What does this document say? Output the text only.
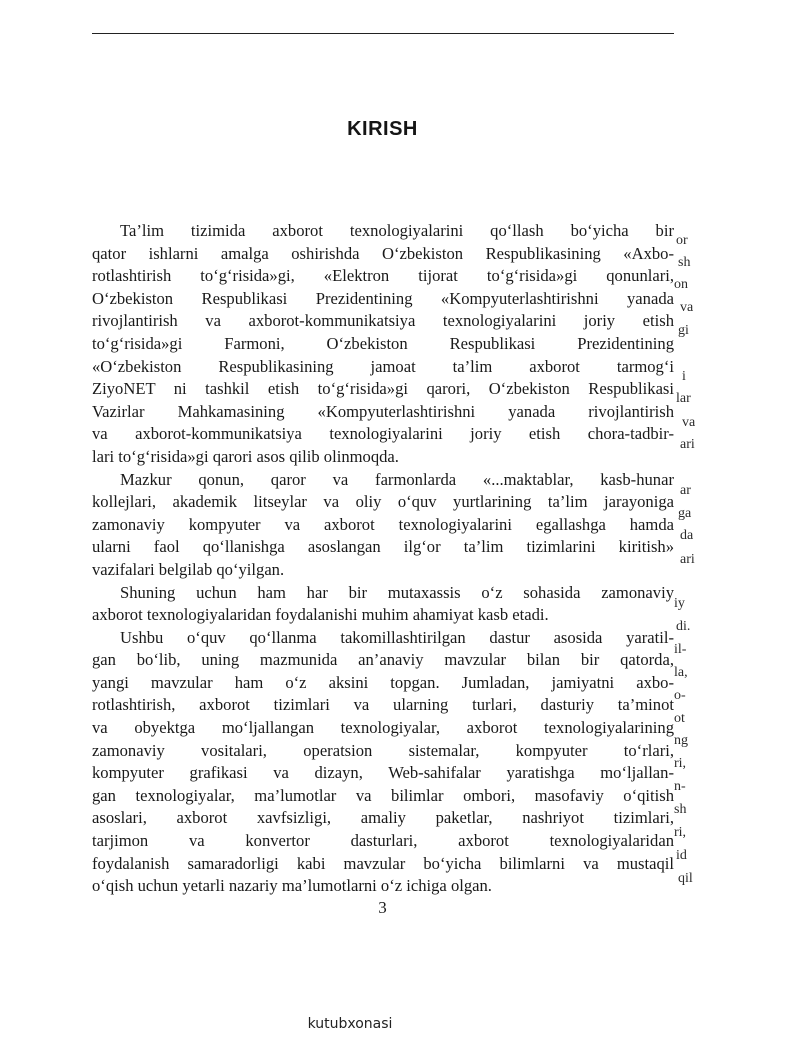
KIRISH
Ta’lim tizimida axborot texnologiyalarini qo‘llash bo‘yicha bir
qator ishlarni amalga oshirishda O‘zbekiston Respublikasining «Axbo-
rotlashtirish to‘g‘risida»gi, «Elektron tijorat to‘g‘risida»gi qonunlari,
O‘zbekiston Respublikasi Prezidentining «Kompyuterlashtirishni yanada
rivojlantirish va axborot-kommunikatsiya texnologiyalarini joriy etish
to‘g‘risida»gi Farmoni, O‘zbekiston Respublikasi Prezidentining
«O‘zbekiston Respublikasining jamoat ta’lim axborot tarmog‘i
ZiyoNET ni tashkil etish to‘g‘risida»gi qarori, O‘zbekiston Respublikasi
Vazirlar Mahkamasining «Kompyuterlashtirishni yanada rivojlantirish
va axborot-kommunikatsiya texnologiyalarini joriy etish chora-tadbir-
lari to‘g‘risida»gi qarori asos qilib olinmoqda.
Mazkur qonun, qaror va farmonlarda «...maktablar, kasb-hunar
kollejlari, akademik litseylar va oliy o‘quv yurtlarining ta’lim jarayoniga
zamonaviy kompyuter va axborot texnologiyalarini egallashga hamda
ularni faol qo‘llanishga asoslangan ilg‘or ta’lim tizimlarini kiritish»
vazifalari belgilab qo‘yilgan.
Shuning uchun ham har bir mutaxassis o‘z sohasida zamonaviy
axborot texnologiyalaridan foydalanishi muhim ahamiyat kasb etadi.
Ushbu o‘quv qo‘llanma takomillashtirilgan dastur asosida yaratil-
gan bo‘lib, uning mazmunida an’anaviy mavzular bilan bir qatorda,
yangi mavzular ham o‘z aksini topgan. Jumladan, jamiyatni axbo-
rotlashtirish, axborot tizimlari va ularning turlari, dasturiy ta’minot
va obyektga mo‘ljallangan texnologiyalar, axborot texnologiyalarining
zamonaviy vositalari, operatsion sistemalar, kompyuter to‘rlari,
kompyuter grafikasi va dizayn, Web-sahifalar yaratishga mo‘ljallan-
gan texnologiyalar, ma’lumotlar va bilimlar ombori, masofaviy o‘qitish
asoslari, axborot xavfsizligi, amaliy paketlar, nashriyot tizimlari,
tarjimon va konvertor dasturlari, axborot texnologiyalaridan
foydalanish samaradorligi kabi mavzular bo‘yicha bilimlarni va mustaqil
o‘qish uchun yetarli nazariy ma’lumotlarni o‘z ichiga olgan.
or
sh
on
va
gi
i
lar
va
ari
ar
ga
da
ari
iy
di.
il-
la,
o-
ot
ng
ri,
n-
sh
ri,
id
qil
3
kutubxonasi
